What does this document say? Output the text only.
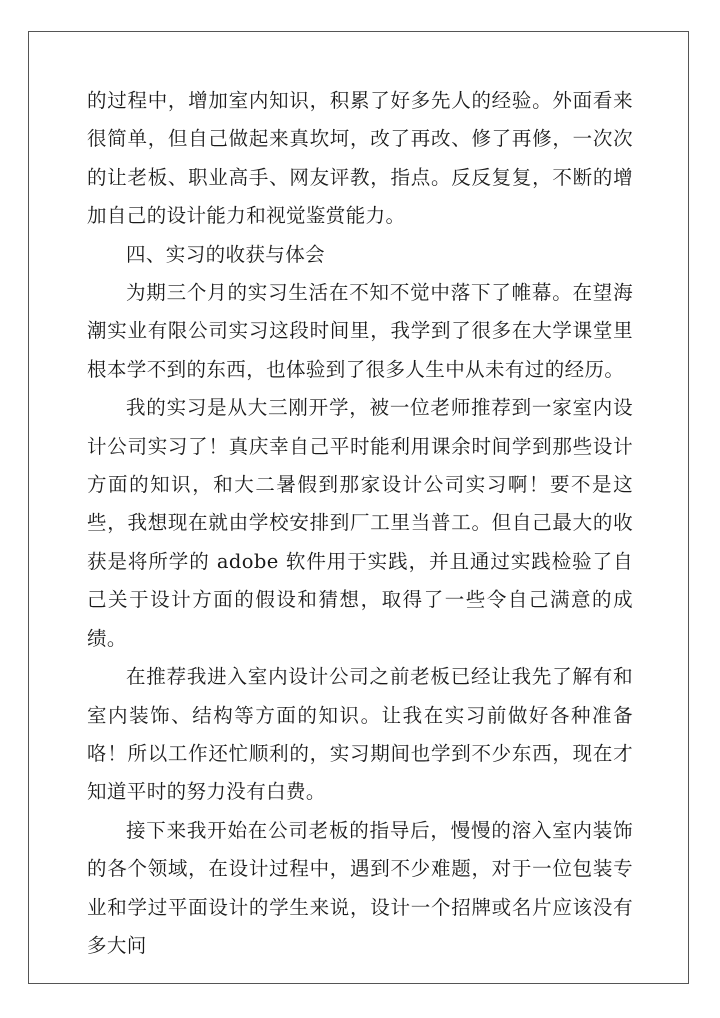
的过程中，增加室内知识，积累了好多先人的经验。外面看来很简单，但自己做起来真坎坷，改了再改、修了再修，一次次的让老板、职业高手、网友评教，指点。反反复复，不断的增加自己的设计能力和视觉鉴赏能力。

四、实习的收获与体会

为期三个月的实习生活在不知不觉中落下了帷幕。在望海潮实业有限公司实习这段时间里，我学到了很多在大学课堂里根本学不到的东西，也体验到了很多人生中从未有过的经历。

我的实习是从大三刚开学，被一位老师推荐到一家室内设计公司实习了！真庆幸自己平时能利用课余时间学到那些设计方面的知识，和大二暑假到那家设计公司实习啊！要不是这些，我想现在就由学校安排到厂工里当普工。但自己最大的收获是将所学的 adobe 软件用于实践，并且通过实践检验了自己关于设计方面的假设和猜想，取得了一些令自己满意的成绩。

在推荐我进入室内设计公司之前老板已经让我先了解有和室内装饰、结构等方面的知识。让我在实习前做好各种准备咯！所以工作还忙顺利的，实习期间也学到不少东西，现在才知道平时的努力没有白费。

接下来我开始在公司老板的指导后，慢慢的溶入室内装饰的各个领域，在设计过程中，遇到不少难题，对于一位包装专业和学过平面设计的学生来说，设计一个招牌或名片应该没有多大问
